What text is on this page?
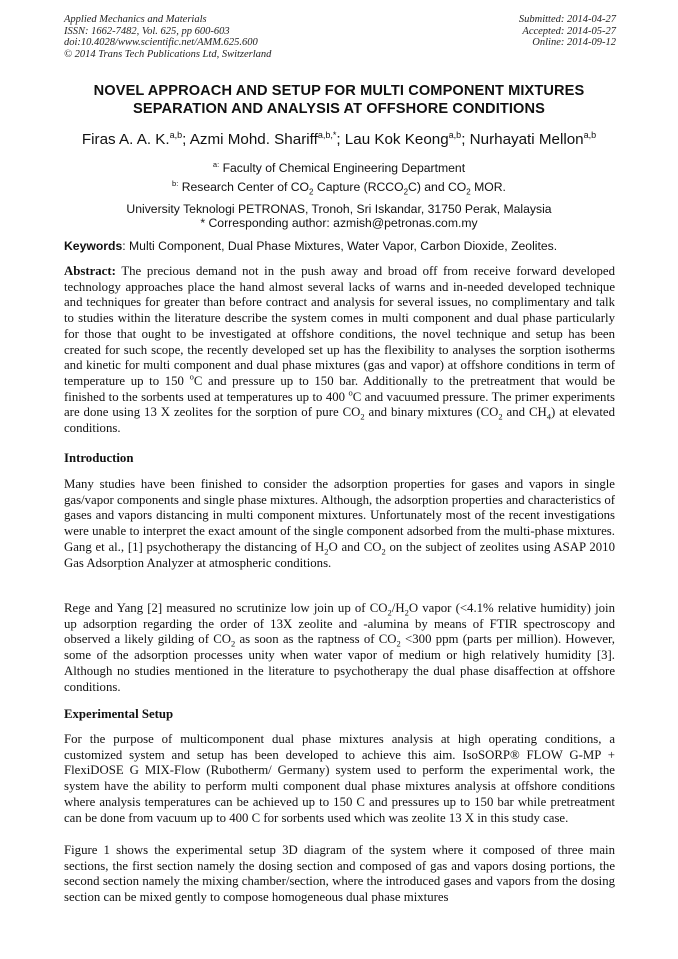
Applied Mechanics and Materials
ISSN: 1662-7482, Vol. 625, pp 600-603
doi:10.4028/www.scientific.net/AMM.625.600
© 2014 Trans Tech Publications Ltd, Switzerland
Submitted: 2014-04-27
Accepted: 2014-05-27
Online: 2014-09-12
NOVEL APPROACH AND SETUP FOR MULTI COMPONENT MIXTURES
SEPARATION AND ANALYSIS AT OFFSHORE CONDITIONS
Firas A. A. K.$^{a,b}$; Azmi Mohd. Shariff$^{a,b,*}$; Lau Kok Keong$^{a,b}$; Nurhayati Mellon$^{a,b}$
$^{a:}$ Faculty of Chemical Engineering Department
$^{b:}$ Research Center of $CO_2$ Capture $(RCCO_2C)$ and $CO_2$ MOR.
University Teknologi PETRONAS, Tronoh, Sri Iskandar, 31750 Perak, Malaysia
* Corresponding author: azmish@petronas.com.my
Keywords: Multi Component, Dual Phase Mixtures, Water Vapor, Carbon Dioxide, Zeolites.
Abstract: The precious demand not in the push away and broad off from receive forward developed technology approaches place the hand almost several lacks of warns and in-needed developed technique and techniques for greater than before contract and analysis for several issues, no complimentary and talk to studies within the literature describe the system comes in multi component and dual phase particularly for those that ought to be investigated at offshore conditions, the novel technique and setup has been created for such scope, the recently developed set up has the flexibility to analyses the sorption isotherms and kinetic for multi component and dual phase mixtures (gas and vapor) at offshore conditions in term of temperature up to 150 $^o$C and pressure up to 150 bar. Additionally to the pretreatment that would be finished to the sorbents used at temperatures up to 400 $^o$C and vacuumed pressure. The primer experiments are done using 13 X zeolites for the sorption of pure $CO_2$ and binary mixtures ($CO_2$ and $CH_4$) at elevated conditions.
Introduction
Many studies have been finished to consider the adsorption properties for gases and vapors in single gas/vapor components and single phase mixtures. Although, the adsorption properties and characteristics of gases and vapors distancing in multi component mixtures. Unfortunately most of the recent investigations were unable to interpret the exact amount of the single component adsorbed from the multi-phase mixtures. Gang et al., [1] psychotherapy the distancing of $H_2O$ and $CO_2$ on the subject of zeolites using ASAP 2010 Gas Adsorption Analyzer at atmospheric conditions.
Rege and Yang [2] measured no scrutinize low join up of $CO_2/H_2O$ vapor (<4.1% relative humidity) join up adsorption regarding the order of 13X zeolite and -alumina by means of FTIR spectroscopy and observed a likely gilding of $CO_2$ as soon as the raptness of $CO_2 <300$ ppm (parts per million). However, some of the adsorption processes unity when water vapor of medium or high relatively humidity [3]. Although no studies mentioned in the literature to psychotherapy the dual phase disaffection at offshore conditions.
Experimental Setup
For the purpose of multicomponent dual phase mixtures analysis at high operating conditions, a customized system and setup has been developed to achieve this aim. IsoSORP® FLOW G-MP + FlexiDOSE G MIX-Flow (Rubotherm/ Germany) system used to perform the experimental work, the system have the ability to perform multi component dual phase mixtures analysis at offshore conditions where analysis temperatures can be achieved up to 150 C and pressures up to 150 bar while pretreatment can be done from vacuum up to 400 C for sorbents used which was zeolite 13 X in this study case.
Figure 1 shows the experimental setup 3D diagram of the system where it composed of three main sections, the first section namely the dosing section and composed of gas and vapors dosing portions, the second section namely the mixing chamber/section, where the introduced gases and vapors from the dosing section can be mixed gently to compose homogeneous dual phase mixtures
